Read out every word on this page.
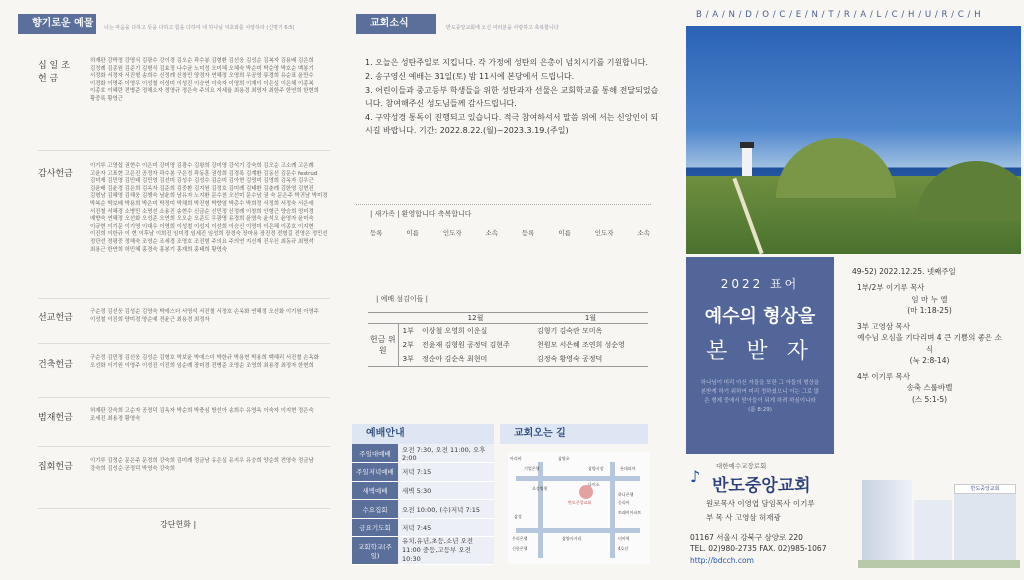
향기로운 예물	너는 마음을 다하고 뜻을 다하고 힘을 다하여 네 하나님 여호와를 사랑하라 (신명기 6:5)
십 일 조 헌 금
허재판 강박정 강명식 김광수 강이경 김오순 곽수봉 김형환 김선웅 김성순 김복자 김용배 김은희 김정례 김종원 김준기 김형식 김효정 나수균 노미정 오미혜 오혜숙 박순미 박순영 박호순 백봉기 서정화 서정자 서진형 송희수 신정례 신창민 양경자 연혜정 오영희 우공영 류경희 유순표 윤만수 이경화 이명주 이영우 이성철 이성미 이성진 이승연 이숙자 이영희 이재이 이은실 이은혜 이종복 이종호 이혜란 전병준 정해소자 정영규 정은숙 주의요 지세율 최용경 최영자 최한주 한연희 한현희 황중록 황영근
감사헌금
이기루 고영섭 권현수 이은미 강미영 김광수 김왕희 강미영 강석기 강숙희 김오순 고소례 고은례 고윤자 고표현 고은진 공정자 곽수봉 구은정 곽동훈 권성희 김경록 김계환 김동선 김문수 festrud 김미재 김민영 김민태 김민영 김선미 김성수 김성수 김순미 김아현 김영미 김영희 김옥자 김우근 김윤배 김윤경 김은희 김옥자 김준희 김중환 김지원 김정호 김미례 김태환 김춘례 김한영 김현진 김형남 김혜영 김해웅 김행숙 남윤희 남유자 노지환 문수천 오선미 문수남 권 숙 문은주 박귀남 박미경 박복순 박보배 박용희 박은미 박정미 박채희 박진형 박향열 박총수 박희정 서정희 서정숙 서은애 서진철 서혜경 소병민 소명선 소용진 송현수 신금순 신민정 신정례 이창희 안형근 양승희 엄미경 예향숙 연혜정 오선화 오성준 오연희 오오순 오준도 우광명 유경희 윤영숙 윤석오 윤영자 윤미숙 이규현 이기문 이기영 이대우 이영희 이성철 이성지 이선희 이승신 이영미 이은혜 이종호 이지현 이진희 이한규 이 현 이후남 이희진 임미경 임세진 임성희 장경숙 장마용 장진경 전형길 전영은 정민선 정단선 정평중 정혜숙 조영순 조세경 조영호 조진형 주의요 주의연 지신재 진우신 최동규 최명석 최용근 한연희 허민혜 홍경숙 홍봉기 홍재희 홍태희 황영숙
선교헌금
구순정 김선웅 김성순 김영숙 박에스더 서영석 서진철 서정호 손옥화 연혜정 오선화 이기원 이영주 이성철 이진희 양미경 양순예 전윤근 최용경 최정자
건축헌금
구순정 김민정 김선웅 김성순 김형호 박보윤 박에스더 박한규 박용현 박용희 백혜리 서진철 손옥화 오선화 이기원 이영주 이성진 이진희 임순례 장미경 전병준 조영순 조영희 최용경 최정자 한현희
범재헌금
허재판 강숙희 고순자 공정덕 김옥자 박순희 박충심 방선아 송희수 유영옥 이숙자 이지현 정은숙 조세진 최용경 황영숙
집회헌금
이기루 김정순 문은주 문정희 강숙희 김미례 정금남 유은실 유지우 유승희 양순희 전영숙 정금남 강숙희 김성순 공정덕 박영숙 강숙희
강단헌화 |
교회소식	반도중앙교회에 오신 여러분을 사랑하고 축복합니다
1. 오늘은 성탄주일로 지킵니다. 각 가정에 성탄의 은총이 넘치시기를 기원합니다.
2. 송구영신 예배는 31일(토) 밤 11시에 본당에서 드립니다.
3. 어린이들과 중고등부 학생들을 위한 성탄과자 선물은 교회학교를 통해 전달되었습니다. 참여해주신 성도님들께 감사드립니다.
4. 구약성경 통독이 진행되고 있습니다. 적극 참여하셔서 말씀 위에 서는 신앙인이 되시길 바랍니다. 기간: 2022.8.22.(월)~2023.3.19.(주일)
| 새가족 | 환영합니다 축복합니다
등록	이름	인도자	소속	등록	이름	인도자	소속
| 예배 섬김이들 |
		12월	1월
헌금 위원	1부	이상철 오영희 이운실	김형기 김숙란 모미옥
	2부	전윤재 김형원 공정덕 김현주	천원모 서은혜 조연희 성순영
	3부	정순아 김순옥 최현미	김정숙 황영숙 공정덕
예배안내
주일대예배	오전 7:30, 오전 11:00, 오후 2:00
주일저녁예배	저녁 7:15
새벽예배	새벽 5:30
수요집회	오전 10:00, (수)저녁 7:15
금요기도회	저녁 7:45
교회학교(주일)	유치,유년,초등,소년 오전 11:00 중등,고등부 오전 10:30
교회오는 길
아리바	삼양초
기업은행	삼양시장	롯데리아
초성병원
다이소
반도중앙교회
하나은행
동리아
트래이아파트
삼성
우리은행
신한은행
삼양사거리	미아역
4호선
B / A / N / D / O / C / E / N / T / R / A / L / C / H / U / R / C / H
2022 표어
예수의 형상을
본 받 자
하나님이 미리 아신 자들을 또한 그 아들의 형상을 본받게 하기 위하여 미리 정하셨으니 이는 그로 많은 형제 중에서 맏아들이 되게 하려 하심이니라 (롬 8:29)
♪
대한예수교장로회
반도중앙교회
원로목사 이영엽 담임목사 이기루
부 목 사 고영삼 허재광
01167 서울시 강북구 삼양로 220
TEL. 02)980-2735 FAX. 02)985-1067
http://bdcch.com
49-52) 2022.12.25. 넷째주일
1부/2부 이기루 목사
임 마 누 엘
(마 1:18-25)
3부 고영삼 목사
예수님 오심을 기다리며 4 큰 기쁨의 좋은 소식
(눅 2:8-14)
4부 이기루 목사
송축 스룹바벨
(스 5:1-5)
반도중앙교회
